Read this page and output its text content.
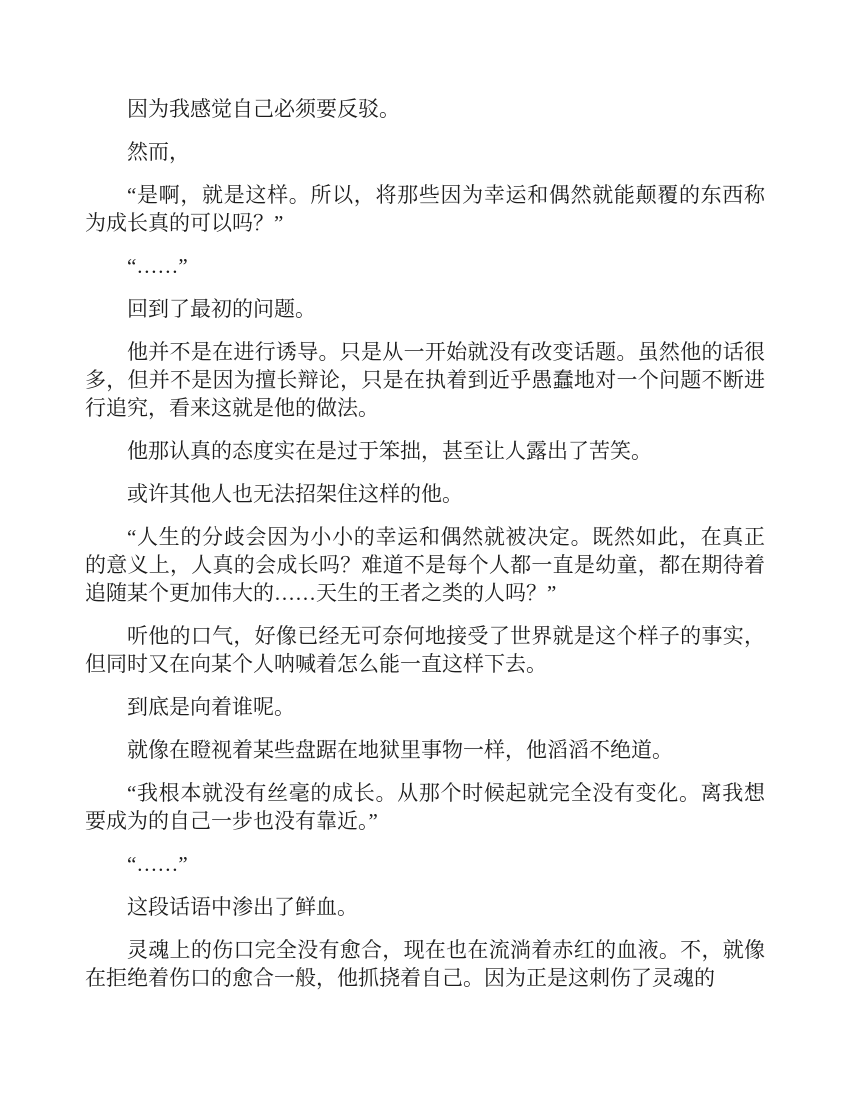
因为我感觉自己必须要反驳。

然而，

“是啊，就是这样。所以，将那些因为幸运和偶然就能颠覆的东西称为成长真的可以吗？”

“……”

回到了最初的问题。

他并不是在进行诱导。只是从一开始就没有改变话题。虽然他的话很多，但并不是因为擅长辩论，只是在执着到近乎愚蠢地对一个问题不断进行追究，看来这就是他的做法。

他那认真的态度实在是过于笨拙，甚至让人露出了苦笑。

或许其他人也无法招架住这样的他。

“人生的分歧会因为小小的幸运和偶然就被决定。既然如此，在真正的意义上，人真的会成长吗？难道不是每个人都一直是幼童，都在期待着追随某个更加伟大的……天生的王者之类的人吗？”

听他的口气，好像已经无可奈何地接受了世界就是这个样子的事实，但同时又在向某个人呐喊着怎么能一直这样下去。

到底是向着谁呢。

就像在瞪视着某些盘踞在地狱里事物一样，他滔滔不绝道。

“我根本就没有丝毫的成长。从那个时候起就完全没有变化。离我想要成为的自己一步也没有靠近。”

“……”

这段话语中渗出了鲜血。

灵魂上的伤口完全没有愈合，现在也在流淌着赤红的血液。不，就像在拒绝着伤口的愈合一般，他抓挠着自己。因为正是这刺伤了灵魂的
